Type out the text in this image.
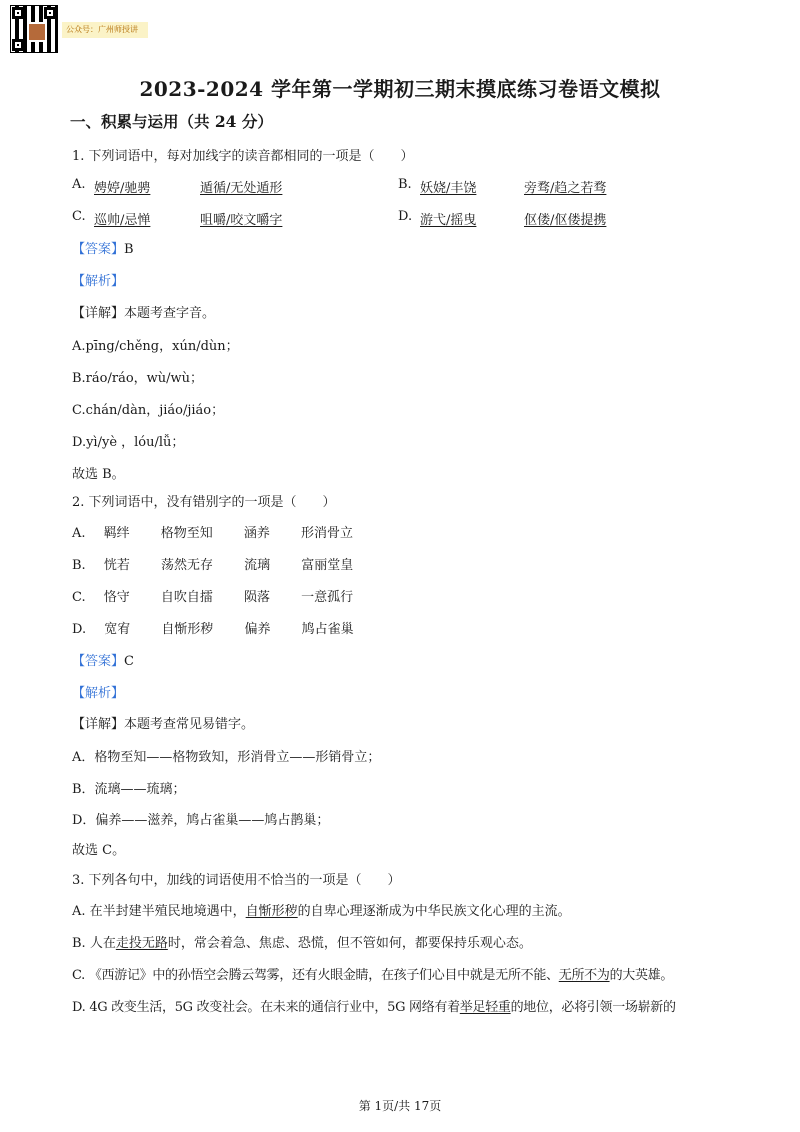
公众号：广州师授讲
2023-2024 学年第一学期初三期末摸底练习卷语文模拟
一、积累与运用（共 24 分）
1. 下列词语中，每对加线字的读音都相同的一项是（　　）
A. 娉婷/驰骋	遁循/无处遁形	B. 妖娆/丰饶	旁骛/趋之若骛
C. 巡帅/忌惮	咀嚼/咬文嚼字	D. 游弋/摇曳	伛偻/伛偻提携
【答案】B
【解析】
【详解】本题考查字音。
A.pīng/chěng，xún/dùn；
B.ráo/ráo，wù/wù；
C.chán/dàn，jiáo/jiáo；
D.yì/yè ，lóu/lǚ；
故选 B。
2. 下列词语中，没有错别字的一项是（　　）
A. 羁绊　 格物至知　 涵养　 形消骨立
B. 恍若　 荡然无存　 流璃　 富丽堂皇
C. 恪守　 自吹自擂　 陨落　 一意孤行
D. 宽宥　 自惭形秽　 偏养　 鸠占雀巢
【答案】C
【解析】
【详解】本题考查常见易错字。
A．格物至知——格物致知，形消骨立——形销骨立；
B．流璃——琉璃；
D．偏养——滋养，鸠占雀巢——鸠占鹊巢；
故选 C。
3. 下列各句中，加线的词语使用不恰当的一项是（　　）
A. 在半封建半殖民地境遇中，自惭形秽的自卑心理逐渐成为中华民族文化心理的主流。
B. 人在走投无路时，常会着急、焦虑、恐慌，但不管如何，都要保持乐观心态。
C. 《西游记》中的孙悟空会腾云驾雾，还有火眼金睛，在孩子们心目中就是无所不能、无所不为的大英雄。
D. 4G 改变生活，5G 改变社会。在未来的通信行业中，5G 网络有着举足轻重的地位，必将引领一场崭新的
第 1页/共 17页
